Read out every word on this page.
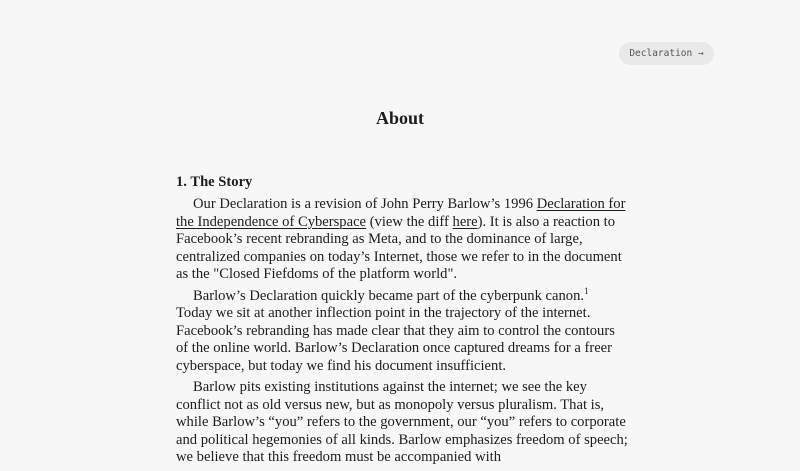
Declaration →
About
1. The Story

Our Declaration is a revision of John Perry Barlow’s 1996 Declaration for the Independence of Cyberspace (view the diff here). It is also a reaction to Facebook’s recent rebranding as Meta, and to the dominance of large, centralized companies on today’s Internet, those we refer to in the document as the "Closed Fiefdoms of the platform world".

Barlow’s Declaration quickly became part of the cyberpunk canon.$^1$ Today we sit at another inflection point in the trajectory of the internet. Facebook’s rebranding has made clear that they aim to control the contours of the online world. Barlow’s Declaration once captured dreams for a freer cyberspace, but today we find his document insufficient.

Barlow pits existing institutions against the internet; we see the key conflict not as old versus new, but as monopoly versus pluralism. That is, while Barlow’s “you” refers to the government, our “you” refers to corporate and political hegemonies of all kinds. Barlow emphasizes freedom of speech; we believe that this freedom must be accompanied with
